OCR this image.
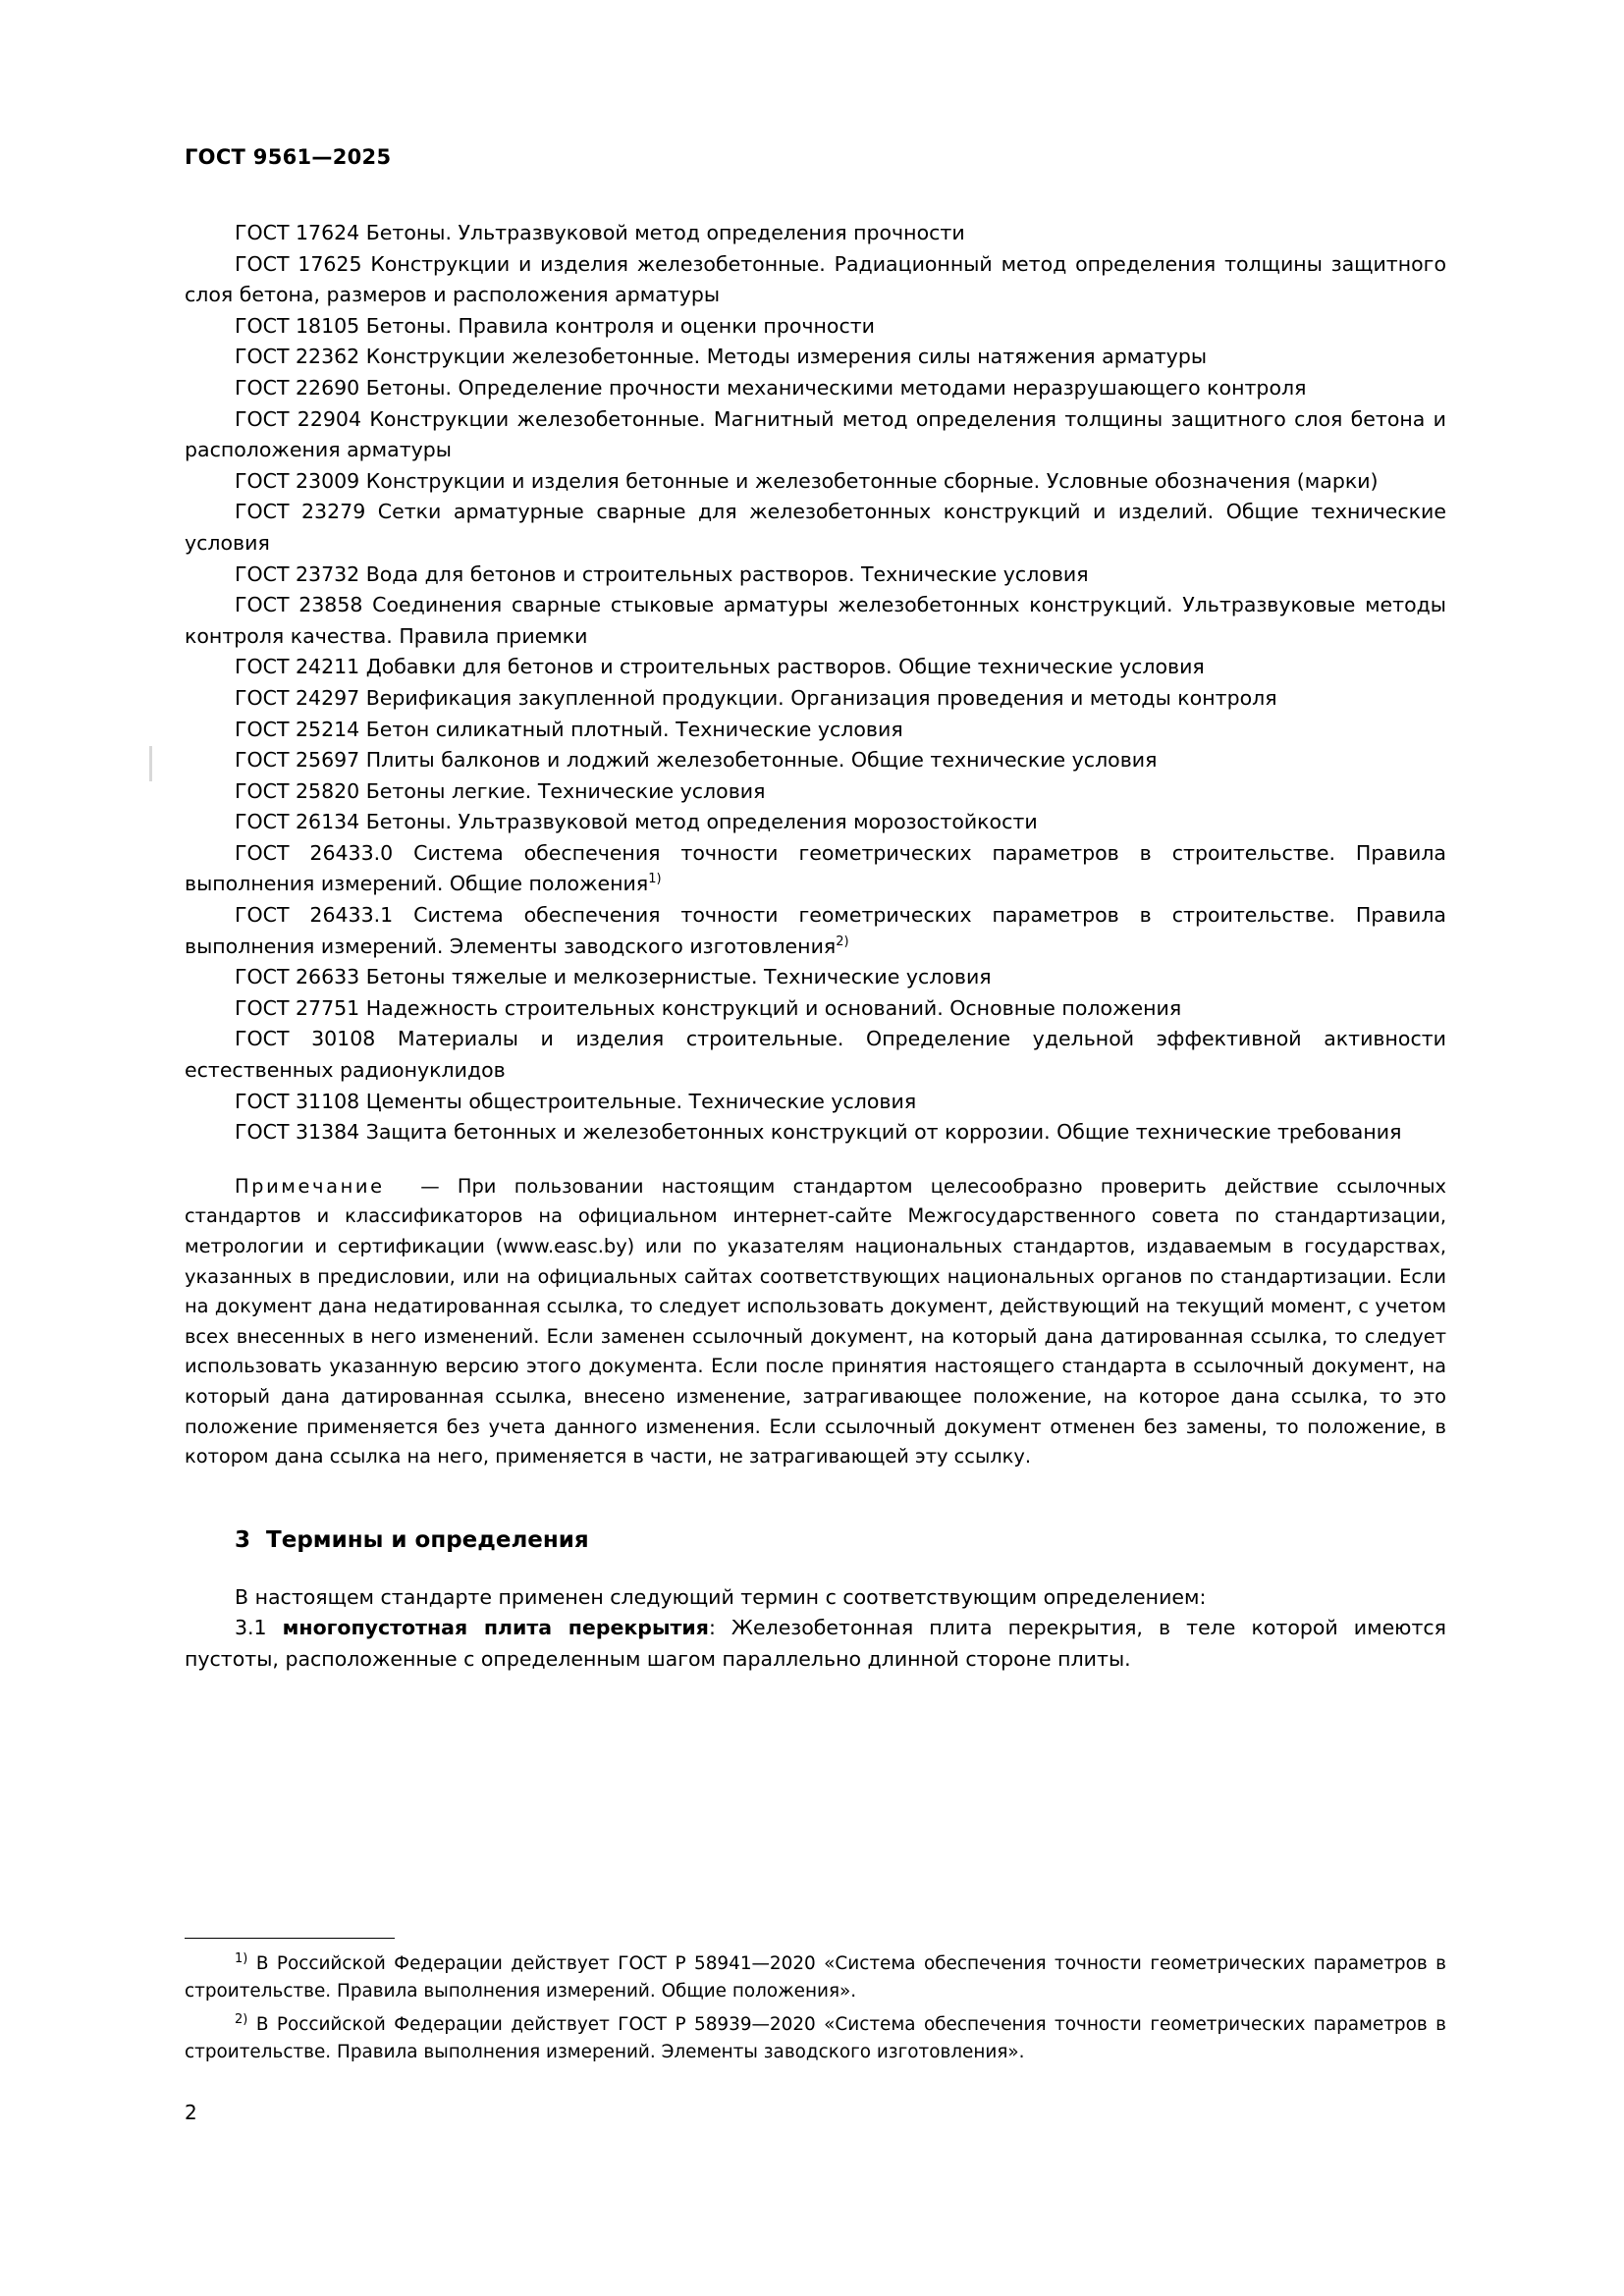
ГОСТ 9561—2025

ГОСТ 17624 Бетоны. Ультразвуковой метод определения прочности

ГОСТ 17625 Конструкции и изделия железобетонные. Радиационный метод определения толщины защитного слоя бетона, размеров и расположения арматуры

ГОСТ 18105 Бетоны. Правила контроля и оценки прочности

ГОСТ 22362 Конструкции железобетонные. Методы измерения силы натяжения арматуры

ГОСТ 22690 Бетоны. Определение прочности механическими методами неразрушающего контроля

ГОСТ 22904 Конструкции железобетонные. Магнитный метод определения толщины защитного слоя бетона и расположения арматуры

ГОСТ 23009 Конструкции и изделия бетонные и железобетонные сборные. Условные обозначения (марки)

ГОСТ 23279 Сетки арматурные сварные для железобетонных конструкций и изделий. Общие технические условия

ГОСТ 23732 Вода для бетонов и строительных растворов. Технические условия

ГОСТ 23858 Соединения сварные стыковые арматуры железобетонных конструкций. Ультразвуковые методы контроля качества. Правила приемки

ГОСТ 24211 Добавки для бетонов и строительных растворов. Общие технические условия

ГОСТ 24297 Верификация закупленной продукции. Организация проведения и методы контроля

ГОСТ 25214 Бетон силикатный плотный. Технические условия

ГОСТ 25697 Плиты балконов и лоджий железобетонные. Общие технические условия

ГОСТ 25820 Бетоны легкие. Технические условия

ГОСТ 26134 Бетоны. Ультразвуковой метод определения морозостойкости

ГОСТ 26433.0 Система обеспечения точности геометрических параметров в строительстве. Правила выполнения измерений. Общие положения$^{1)}$

ГОСТ 26433.1 Система обеспечения точности геометрических параметров в строительстве. Правила выполнения измерений. Элементы заводского изготовления$^{2)}$

ГОСТ 26633 Бетоны тяжелые и мелкозернистые. Технические условия

ГОСТ 27751 Надежность строительных конструкций и оснований. Основные положения

ГОСТ 30108 Материалы и изделия строительные. Определение удельной эффективной активности естественных радионуклидов

ГОСТ 31108 Цементы общестроительные. Технические условия

ГОСТ 31384 Защита бетонных и железобетонных конструкций от коррозии. Общие технические требования

Примечание — При пользовании настоящим стандартом целесообразно проверить действие ссылочных стандартов и классификаторов на официальном интернет-сайте Межгосударственного совета по стандартизации, метрологии и сертификации (www.easc.by) или по указателям национальных стандартов, издаваемым в государствах, указанных в предисловии, или на официальных сайтах соответствующих национальных органов по стандартизации. Если на документ дана недатированная ссылка, то следует использовать документ, действующий на текущий момент, с учетом всех внесенных в него изменений. Если заменен ссылочный документ, на который дана датированная ссылка, то следует использовать указанную версию этого документа. Если после принятия настоящего стандарта в ссылочный документ, на который дана датированная ссылка, внесено изменение, затрагивающее положение, на которое дана ссылка, то это положение применяется без учета данного изменения. Если ссылочный документ отменен без замены, то положение, в котором дана ссылка на него, применяется в части, не затрагивающей эту ссылку.

3 Термины и определения

В настоящем стандарте применен следующий термин с соответствующим определением:

3.1 многопустотная плита перекрытия: Железобетонная плита перекрытия, в теле которой имеются пустоты, расположенные с определенным шагом параллельно длинной стороне плиты.

$^{1)}$ В Российской Федерации действует ГОСТ Р 58941—2020 «Система обеспечения точности геометрических параметров в строительстве. Правила выполнения измерений. Общие положения».

$^{2)}$ В Российской Федерации действует ГОСТ Р 58939—2020 «Система обеспечения точности геометрических параметров в строительстве. Правила выполнения измерений. Элементы заводского изготовления».

2
